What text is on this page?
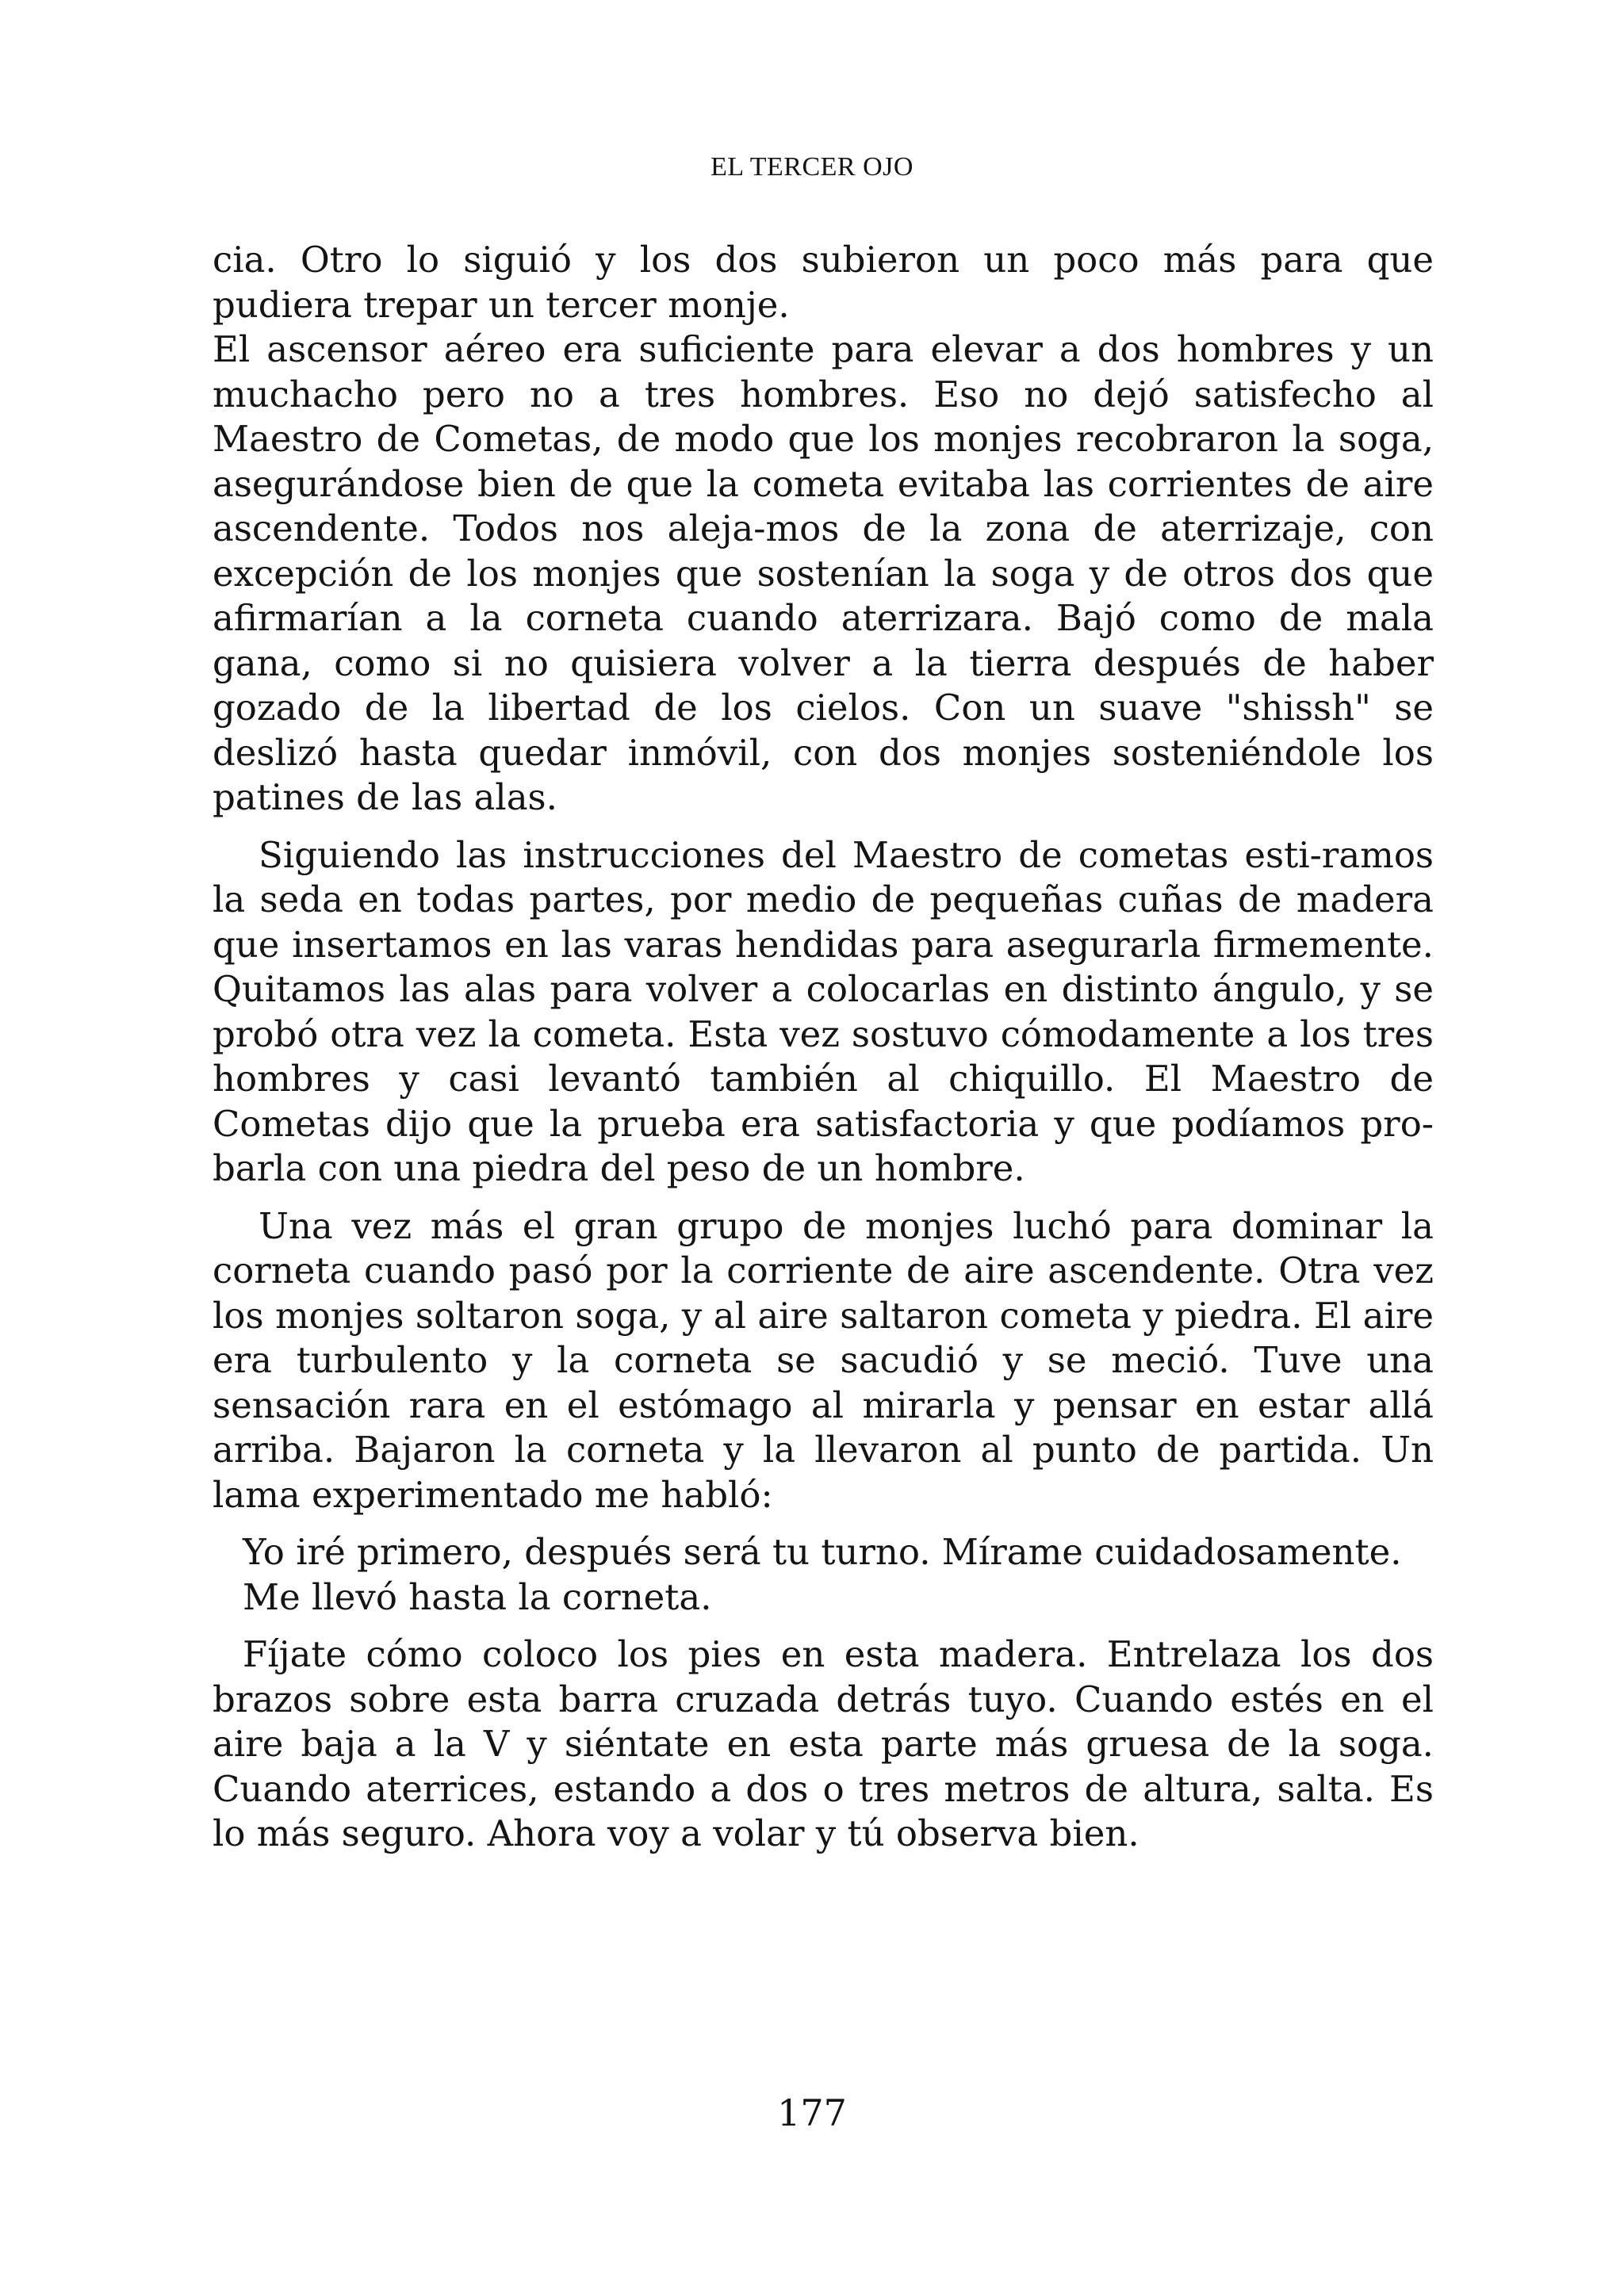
EL TERCER OJO

cia. Otro lo siguió y los dos subieron un poco más para que pudiera trepar un tercer monje.

El ascensor aéreo era suficiente para elevar a dos hombres y un muchacho pero no a tres hombres. Eso no dejó satisfecho al Maestro de Cometas, de modo que los monjes recobraron la soga, asegurándose bien de que la cometa evitaba las corrientes de aire ascendente. Todos nos aleja-mos de la zona de aterrizaje, con excepción de los monjes que sostenían la soga y de otros dos que afirmarían a la corneta cuando aterrizara. Bajó como de mala gana, como si no quisiera volver a la tierra después de haber gozado de la libertad de los cielos. Con un suave "shissh" se deslizó hasta quedar inmóvil, con dos monjes sosteniéndole los patines de las alas.

Siguiendo las instrucciones del Maestro de cometas esti-ramos la seda en todas partes, por medio de pequeñas cuñas de madera que insertamos en las varas hendidas para asegurarla firmemente. Quitamos las alas para volver a colocarlas en distinto ángulo, y se probó otra vez la cometa. Esta vez sostuvo cómodamente a los tres hombres y casi levantó también al chiquillo. El Maestro de Cometas dijo que la prueba era satisfactoria y que podíamos pro-barla con una piedra del peso de un hombre.

Una vez más el gran grupo de monjes luchó para dominar la corneta cuando pasó por la corriente de aire ascendente. Otra vez los monjes soltaron soga, y al aire saltaron cometa y piedra. El aire era turbulento y la corneta se sacudió y se meció. Tuve una sensación rara en el estómago al mirarla y pensar en estar allá arriba. Bajaron la corneta y la llevaron al punto de partida. Un lama experimentado me habló:

Yo iré primero, después será tu turno. Mírame cuidadosamente.

Me llevó hasta la corneta.

Fíjate cómo coloco los pies en esta madera. Entrelaza los dos brazos sobre esta barra cruzada detrás tuyo. Cuando estés en el aire baja a la V y siéntate en esta parte más gruesa de la soga. Cuando aterrices, estando a dos o tres metros de altura, salta. Es lo más seguro. Ahora voy a volar y tú observa bien.

177
